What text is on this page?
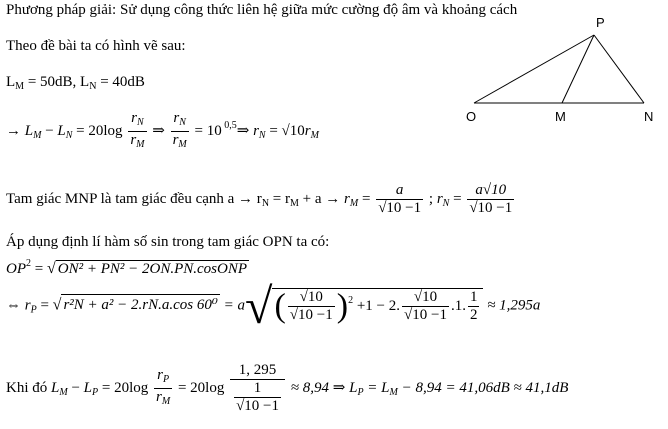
Phương pháp giải: Sử dụng công thức liên hệ giữa mức cường độ âm và khoảng cách
Theo đề bài ta có hình vẽ sau:
$L_M = 50dB$, $L_N = 40dB$
→ $L_M - L_N = 20\log \frac{r_N}{r_M}$ ⇒ $\frac{r_N}{r_M} = 10$ $^{0,5}$⇒ $r_N = √10r_M$
Tam giác MNP là tam giác đều cạnh $a \to r_N = r_M + a \to r_M = \frac{a}{√10 -1}$ ; $r_N = \frac{a√10}{√10 -1}$
Áp dụng định lí hàm số sin trong tam giác OPN ta có:
$OP^2$ = √ ON² + PN² − 2ON.PN.cosONP
⇔ $r_P$ = √ r²N + a² − 2.rN.a.cos $60^0 = a√( \frac{√10}{√10 -1} )^2 +1 - 2$. $\frac{√10}{√10 -1} .1$. $\frac{1}{2} \approx 1,295a$
Khi đó $L_M - L_P = 20\log \frac{r_P}{r_M} = 20\log \frac{1, 295}{\frac{1}{√10 -1}} \approx 8,94$ ⇒ $L_P = L_M - 8,94 = 41,06dB \approx 41,1dB$
O	M	N
P
